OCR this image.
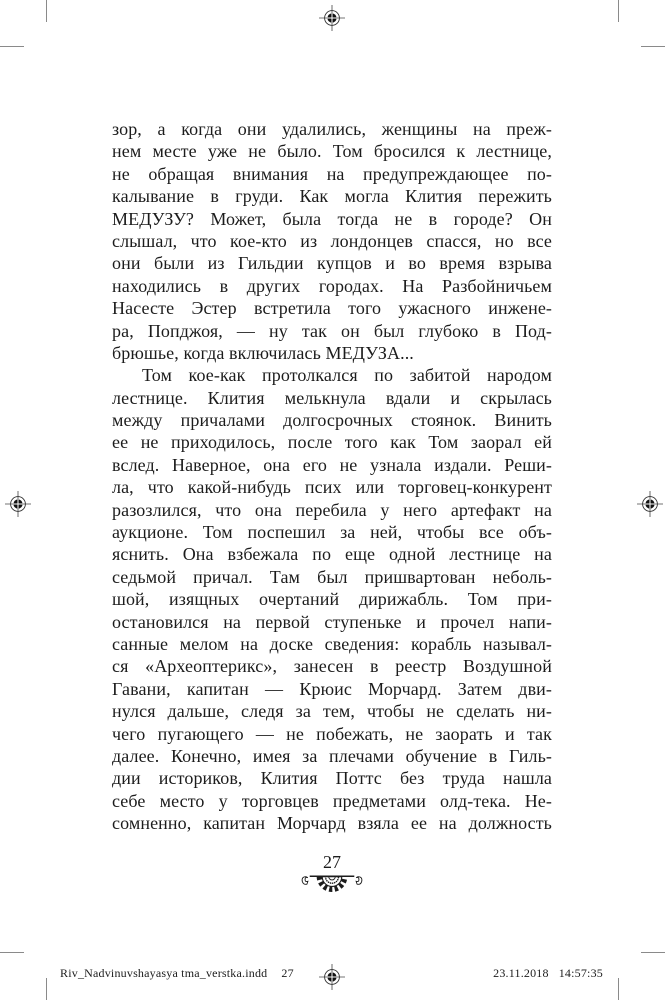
зор, а когда они удалились, женщины на преж-
нем месте уже не было. Том бросился к лестнице,
не обращая внимания на предупреждающее по-
калывание в груди. Как могла Клития пережить
МЕДУЗУ? Может, была тогда не в городе? Он
слышал, что кое-кто из лондонцев спасся, но все
они были из Гильдии купцов и во время взрыва
находились в других городах. На Разбойничьем
Насесте Эстер встретила того ужасного инжене-
ра, Попджоя, — ну так он был глубоко в Под-
брюшье, когда включилась МЕДУЗА...
Том кое-как протолкался по забитой народом
лестнице. Клития мелькнула вдали и скрылась
между причалами долгосрочных стоянок. Винить
ее не приходилось, после того как Том заорал ей
вслед. Наверное, она его не узнала издали. Реши-
ла, что какой-нибудь псих или торговец-конкурент
разозлился, что она перебила у него артефакт на
аукционе. Том поспешил за ней, чтобы все объ-
яснить. Она взбежала по еще одной лестнице на
седьмой причал. Там был пришвартован неболь-
шой, изящных очертаний дирижабль. Том при-
остановился на первой ступеньке и прочел напи-
санные мелом на доске сведения: корабль называл-
ся «Археоптерикс», занесен в реестр Воздушной
Гавани, капитан — Крюис Морчард. Затем дви-
нулся дальше, следя за тем, чтобы не сделать ни-
чего пугающего — не побежать, не заорать и так
далее. Конечно, имея за плечами обучение в Гиль-
дии историков, Клития Поттс без труда нашла
себе место у торговцев предметами олд-тека. Не-
сомненно, капитан Морчард взяла ее на должность
27
Riv_Nadvinuvshayasya tma_verstka.indd 27	23.11.2018 14:57:35
